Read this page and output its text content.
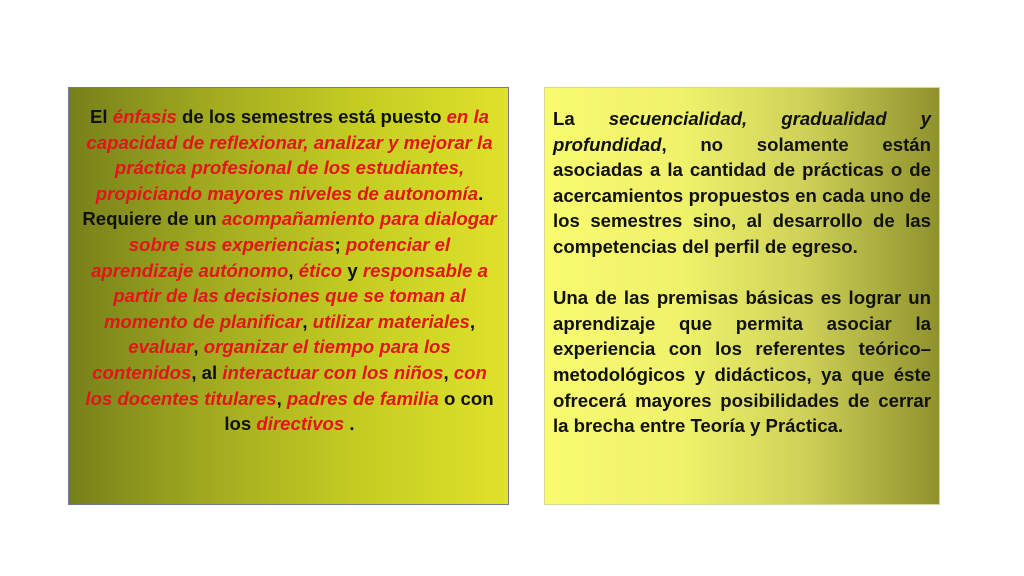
El énfasis de los semestres está puesto en la capacidad de reflexionar, analizar y mejorar la práctica profesional de los estudiantes, propiciando mayores niveles de autonomía.
Requiere de un acompañamiento para dialogar sobre sus experiencias; potenciar el aprendizaje autónomo, ético y responsable a partir de las decisiones que se toman al momento de planificar, utilizar materiales, evaluar, organizar el tiempo para los contenidos, al interactuar con los niños, con los docentes titulares, padres de familia o con los directivos .

La secuencialidad, gradualidad y profundidad, no solamente están asociadas a la cantidad de prácticas o de acercamientos propuestos en cada uno de los semestres sino, al desarrollo de las competencias del perfil de egreso.

Una de las premisas básicas es lograr un aprendizaje que permita asociar la experiencia con los referentes teórico–metodológicos y didácticos, ya que éste ofrecerá mayores posibilidades de cerrar la brecha entre Teoría y Práctica.
